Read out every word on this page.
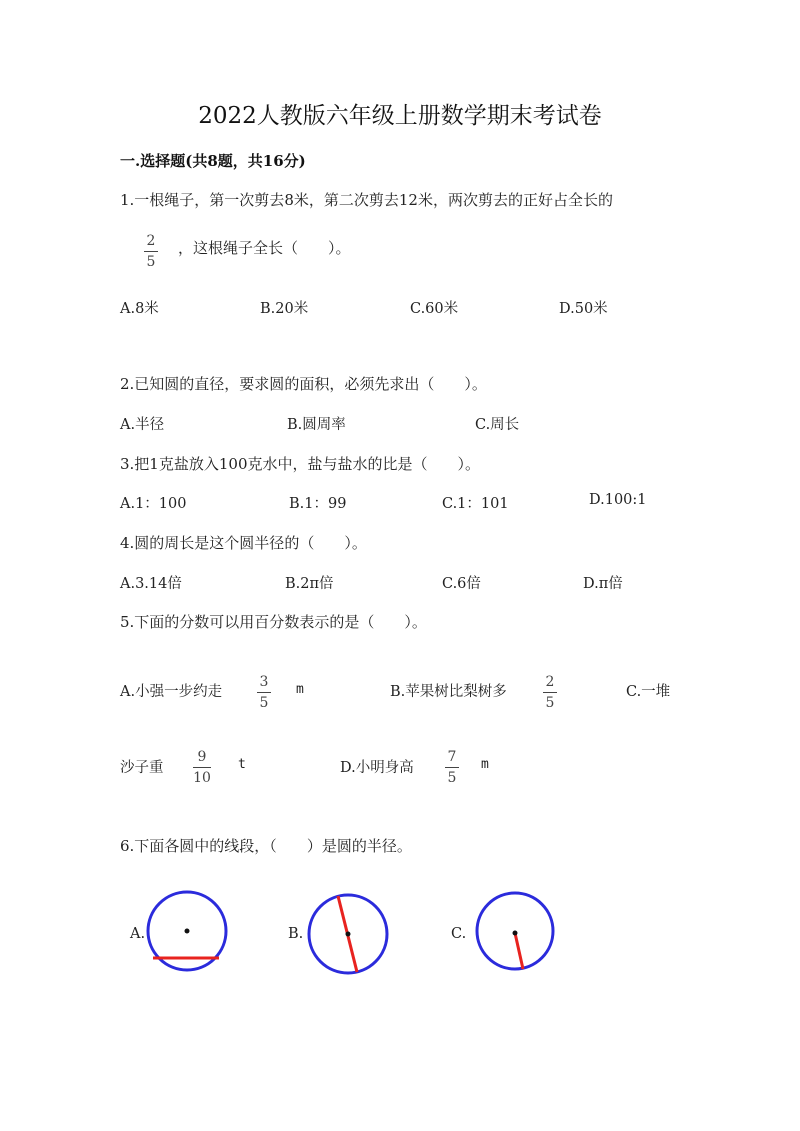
2022人教版六年级上册数学期末考试卷
一.选择题(共8题，共16分)
1.一根绳子，第一次剪去8米，第二次剪去12米，两次剪去的正好占全长的
2
5
，这根绳子全长（　　）。
A.8米	B.20米	C.60米	D.50米
2.已知圆的直径，要求圆的面积，必须先求出（　　）。
A.半径	B.圆周率	C.周长
3.把1克盐放入100克水中，盐与盐水的比是（　　）。
A.1：100	B.1：99	C.1：101	D.100:1
4.圆的周长是这个圆半径的（　　）。
A.3.14倍	B.2π倍	C.6倍	D.π倍
5.下面的分数可以用百分数表示的是（　　）。
A.小强一步约走
3
5
m	B.苹果树比梨树多
2
5
C.一堆
沙子重
9
10
t	D.小明身高
7
5
m
6.下面各圆中的线段，（　　）是圆的半径。
A.	B.	C.
